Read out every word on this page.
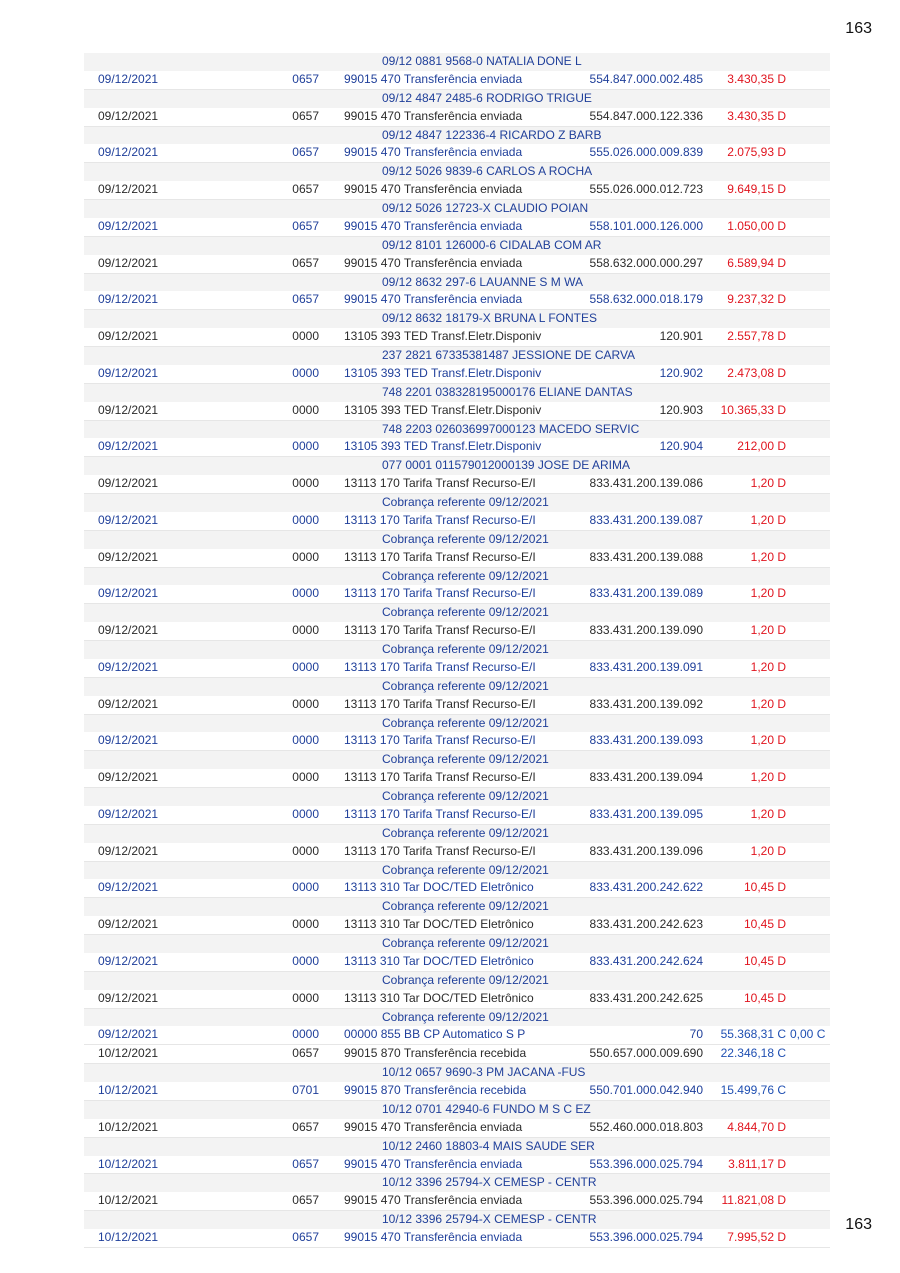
163
09/12 0881 9568-0 NATALIA DONE L
09/12/2021	0657 99015 470 Transferência enviada	554.847.000.002.485	3.430,35 D
09/12 4847 2485-6 RODRIGO TRIGUE
09/12/2021	0657 99015 470 Transferência enviada	554.847.000.122.336	3.430,35 D
09/12 4847 122336-4 RICARDO Z BARB
09/12/2021	0657 99015 470 Transferência enviada	555.026.000.009.839	2.075,93 D
09/12 5026 9839-6 CARLOS A ROCHA
09/12/2021	0657 99015 470 Transferência enviada	555.026.000.012.723	9.649,15 D
09/12 5026 12723-X CLAUDIO POIAN
09/12/2021	0657 99015 470 Transferência enviada	558.101.000.126.000	1.050,00 D
09/12 8101 126000-6 CIDALAB COM AR
09/12/2021	0657 99015 470 Transferência enviada	558.632.000.000.297	6.589,94 D
09/12 8632 297-6 LAUANNE S M WA
09/12/2021	0657 99015 470 Transferência enviada	558.632.000.018.179	9.237,32 D
09/12 8632 18179-X BRUNA L FONTES
09/12/2021	0000 13105 393 TED Transf.Eletr.Disponiv	120.901	2.557,78 D
237 2821 67335381487 JESSIONE DE CARVA
09/12/2021	0000 13105 393 TED Transf.Eletr.Disponiv	120.902	2.473,08 D
748 2201 038328195000176 ELIANE DANTAS
09/12/2021	0000 13105 393 TED Transf.Eletr.Disponiv	120.903	10.365,33 D
748 2203 026036997000123 MACEDO SERVIC
09/12/2021	0000 13105 393 TED Transf.Eletr.Disponiv	120.904	212,00 D
077 0001 011579012000139 JOSE DE ARIMA
09/12/2021	0000 13113 170 Tarifa Transf Recurso-E/I	833.431.200.139.086	1,20 D
Cobrança referente 09/12/2021
09/12/2021	0000 13113 170 Tarifa Transf Recurso-E/I	833.431.200.139.087	1,20 D
Cobrança referente 09/12/2021
09/12/2021	0000 13113 170 Tarifa Transf Recurso-E/I	833.431.200.139.088	1,20 D
Cobrança referente 09/12/2021
09/12/2021	0000 13113 170 Tarifa Transf Recurso-E/I	833.431.200.139.089	1,20 D
Cobrança referente 09/12/2021
09/12/2021	0000 13113 170 Tarifa Transf Recurso-E/I	833.431.200.139.090	1,20 D
Cobrança referente 09/12/2021
09/12/2021	0000 13113 170 Tarifa Transf Recurso-E/I	833.431.200.139.091	1,20 D
Cobrança referente 09/12/2021
09/12/2021	0000 13113 170 Tarifa Transf Recurso-E/I	833.431.200.139.092	1,20 D
Cobrança referente 09/12/2021
09/12/2021	0000 13113 170 Tarifa Transf Recurso-E/I	833.431.200.139.093	1,20 D
Cobrança referente 09/12/2021
09/12/2021	0000 13113 170 Tarifa Transf Recurso-E/I	833.431.200.139.094	1,20 D
Cobrança referente 09/12/2021
09/12/2021	0000 13113 170 Tarifa Transf Recurso-E/I	833.431.200.139.095	1,20 D
Cobrança referente 09/12/2021
09/12/2021	0000 13113 170 Tarifa Transf Recurso-E/I	833.431.200.139.096	1,20 D
Cobrança referente 09/12/2021
09/12/2021	0000 13113 310 Tar DOC/TED Eletrônico	833.431.200.242.622	10,45 D
Cobrança referente 09/12/2021
09/12/2021	0000 13113 310 Tar DOC/TED Eletrônico	833.431.200.242.623	10,45 D
Cobrança referente 09/12/2021
09/12/2021	0000 13113 310 Tar DOC/TED Eletrônico	833.431.200.242.624	10,45 D
Cobrança referente 09/12/2021
09/12/2021	0000 13113 310 Tar DOC/TED Eletrônico	833.431.200.242.625	10,45 D
Cobrança referente 09/12/2021
09/12/2021	0000 00000 855 BB CP Automatico S P	70	55.368,31 C 0,00 C
10/12/2021	0657 99015 870 Transferência recebida	550.657.000.009.690	22.346,18 C
10/12 0657 9690-3 PM JACANA -FUS
10/12/2021	0701 99015 870 Transferência recebida	550.701.000.042.940	15.499,76 C
10/12 0701 42940-6 FUNDO M S C EZ
10/12/2021	0657 99015 470 Transferência enviada	552.460.000.018.803	4.844,70 D
10/12 2460 18803-4 MAIS SAUDE SER
10/12/2021	0657 99015 470 Transferência enviada	553.396.000.025.794	3.811,17 D
10/12 3396 25794-X CEMESP - CENTR
10/12/2021	0657 99015 470 Transferência enviada	553.396.000.025.794	11.821,08 D
10/12 3396 25794-X CEMESP - CENTR
10/12/2021	0657 99015 470 Transferência enviada	553.396.000.025.794	7.995,52 D
163
